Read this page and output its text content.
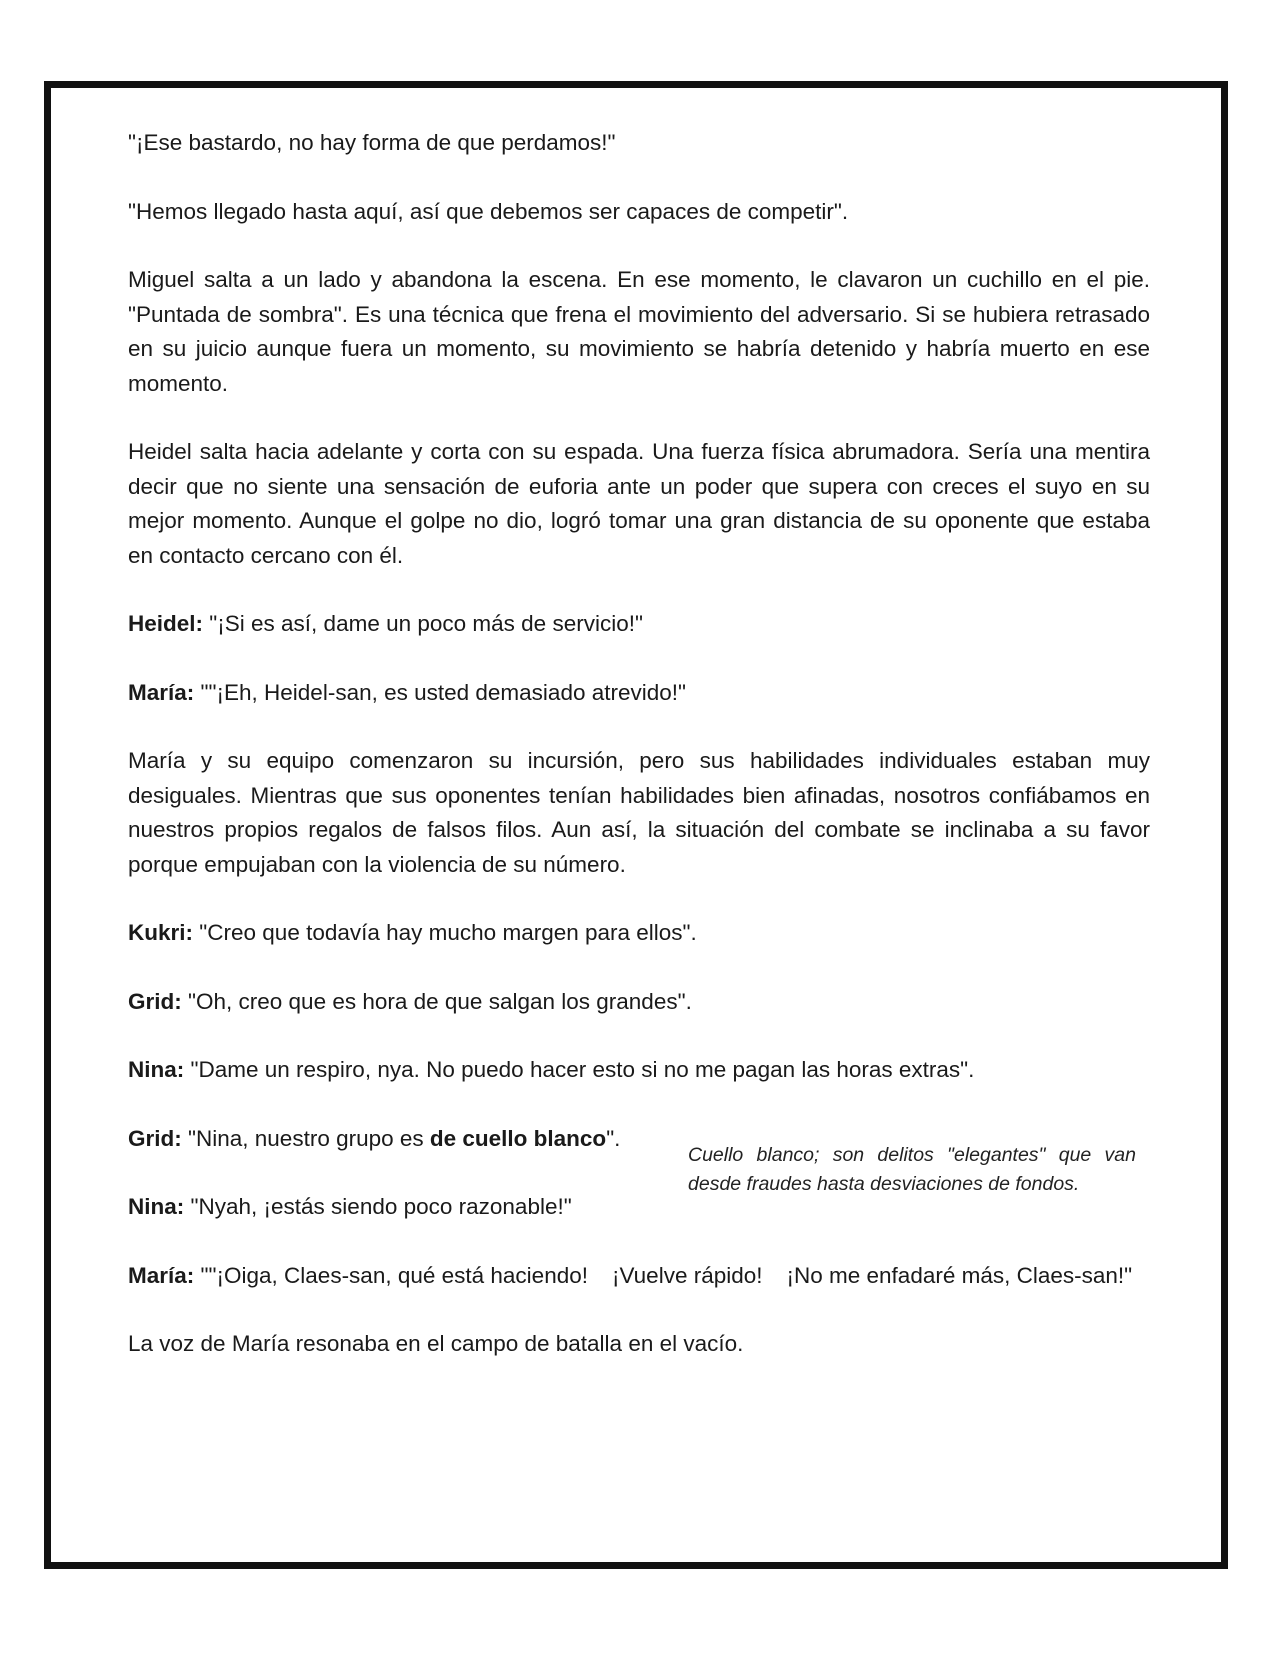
"¡Ese bastardo, no hay forma de que perdamos!"

"Hemos llegado hasta aquí, así que debemos ser capaces de competir".

Miguel salta a un lado y abandona la escena. En ese momento, le clavaron un cuchillo en el pie. "Puntada de sombra". Es una técnica que frena el movimiento del adversario. Si se hubiera retrasado en su juicio aunque fuera un momento, su movimiento se habría detenido y habría muerto en ese momento.

Heidel salta hacia adelante y corta con su espada. Una fuerza física abrumadora. Sería una mentira decir que no siente una sensación de euforia ante un poder que supera con creces el suyo en su mejor momento. Aunque el golpe no dio, logró tomar una gran distancia de su oponente que estaba en contacto cercano con él.

Heidel: "¡Si es así, dame un poco más de servicio!"

María: ""¡Eh, Heidel-san, es usted demasiado atrevido!"

María y su equipo comenzaron su incursión, pero sus habilidades individuales estaban muy desiguales. Mientras que sus oponentes tenían habilidades bien afinadas, nosotros confiábamos en nuestros propios regalos de falsos filos. Aun así, la situación del combate se inclinaba a su favor porque empujaban con la violencia de su número.

Kukri: "Creo que todavía hay mucho margen para ellos".

Grid: "Oh, creo que es hora de que salgan los grandes".

Nina: "Dame un respiro, nya. No puedo hacer esto si no me pagan las horas extras".

Grid: "Nina, nuestro grupo es de cuello blanco".

Nina: "Nyah, ¡estás siendo poco razonable!"

María: ""¡Oiga, Claes-san, qué está haciendo! ¡Vuelve rápido! ¡No me enfadaré más, Claes-san!"

La voz de María resonaba en el campo de batalla en el vacío.

Cuello blanco; son delitos "elegantes" que van desde fraudes hasta desviaciones de fondos.
